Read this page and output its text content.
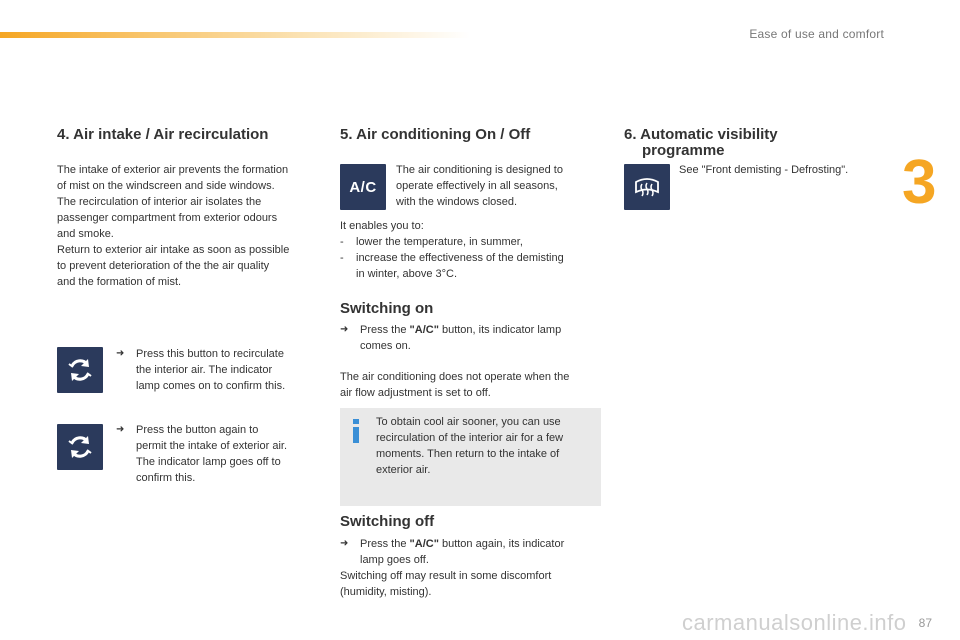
Ease of use and comfort
3
4. Air intake / Air recirculation
The intake of exterior air prevents the formation
of mist on the windscreen and side windows.
The recirculation of interior air isolates the
passenger compartment from exterior odours
and smoke.
Return to exterior air intake as soon as possible
to prevent deterioration of the the air quality
and the formation of mist.
➜	Press this button to recirculate
the interior air. The indicator
lamp comes on to confirm this.
➜	Press the button again to
permit the intake of exterior air.
The indicator lamp goes off to
confirm this.
5. Air conditioning On / Off
A/C
The air conditioning is designed to
operate effectively in all seasons,
with the windows closed.
It enables you to:
-	lower the temperature, in summer,
-	increase the effectiveness of the demisting
in winter, above 3°C.
Switching on
➜	Press the "A/C" button, its indicator lamp
comes on.
The air conditioning does not operate when the
air flow adjustment is set to off.
To obtain cool air sooner, you can use
recirculation of the interior air for a few
moments. Then return to the intake of
exterior air.
Switching off
➜	Press the "A/C" button again, its indicator
lamp goes off.
Switching off may result in some discomfort
(humidity, misting).
6. Automatic visibility
programme
See "Front demisting - Defrosting".
87
carmanualsonline.info
